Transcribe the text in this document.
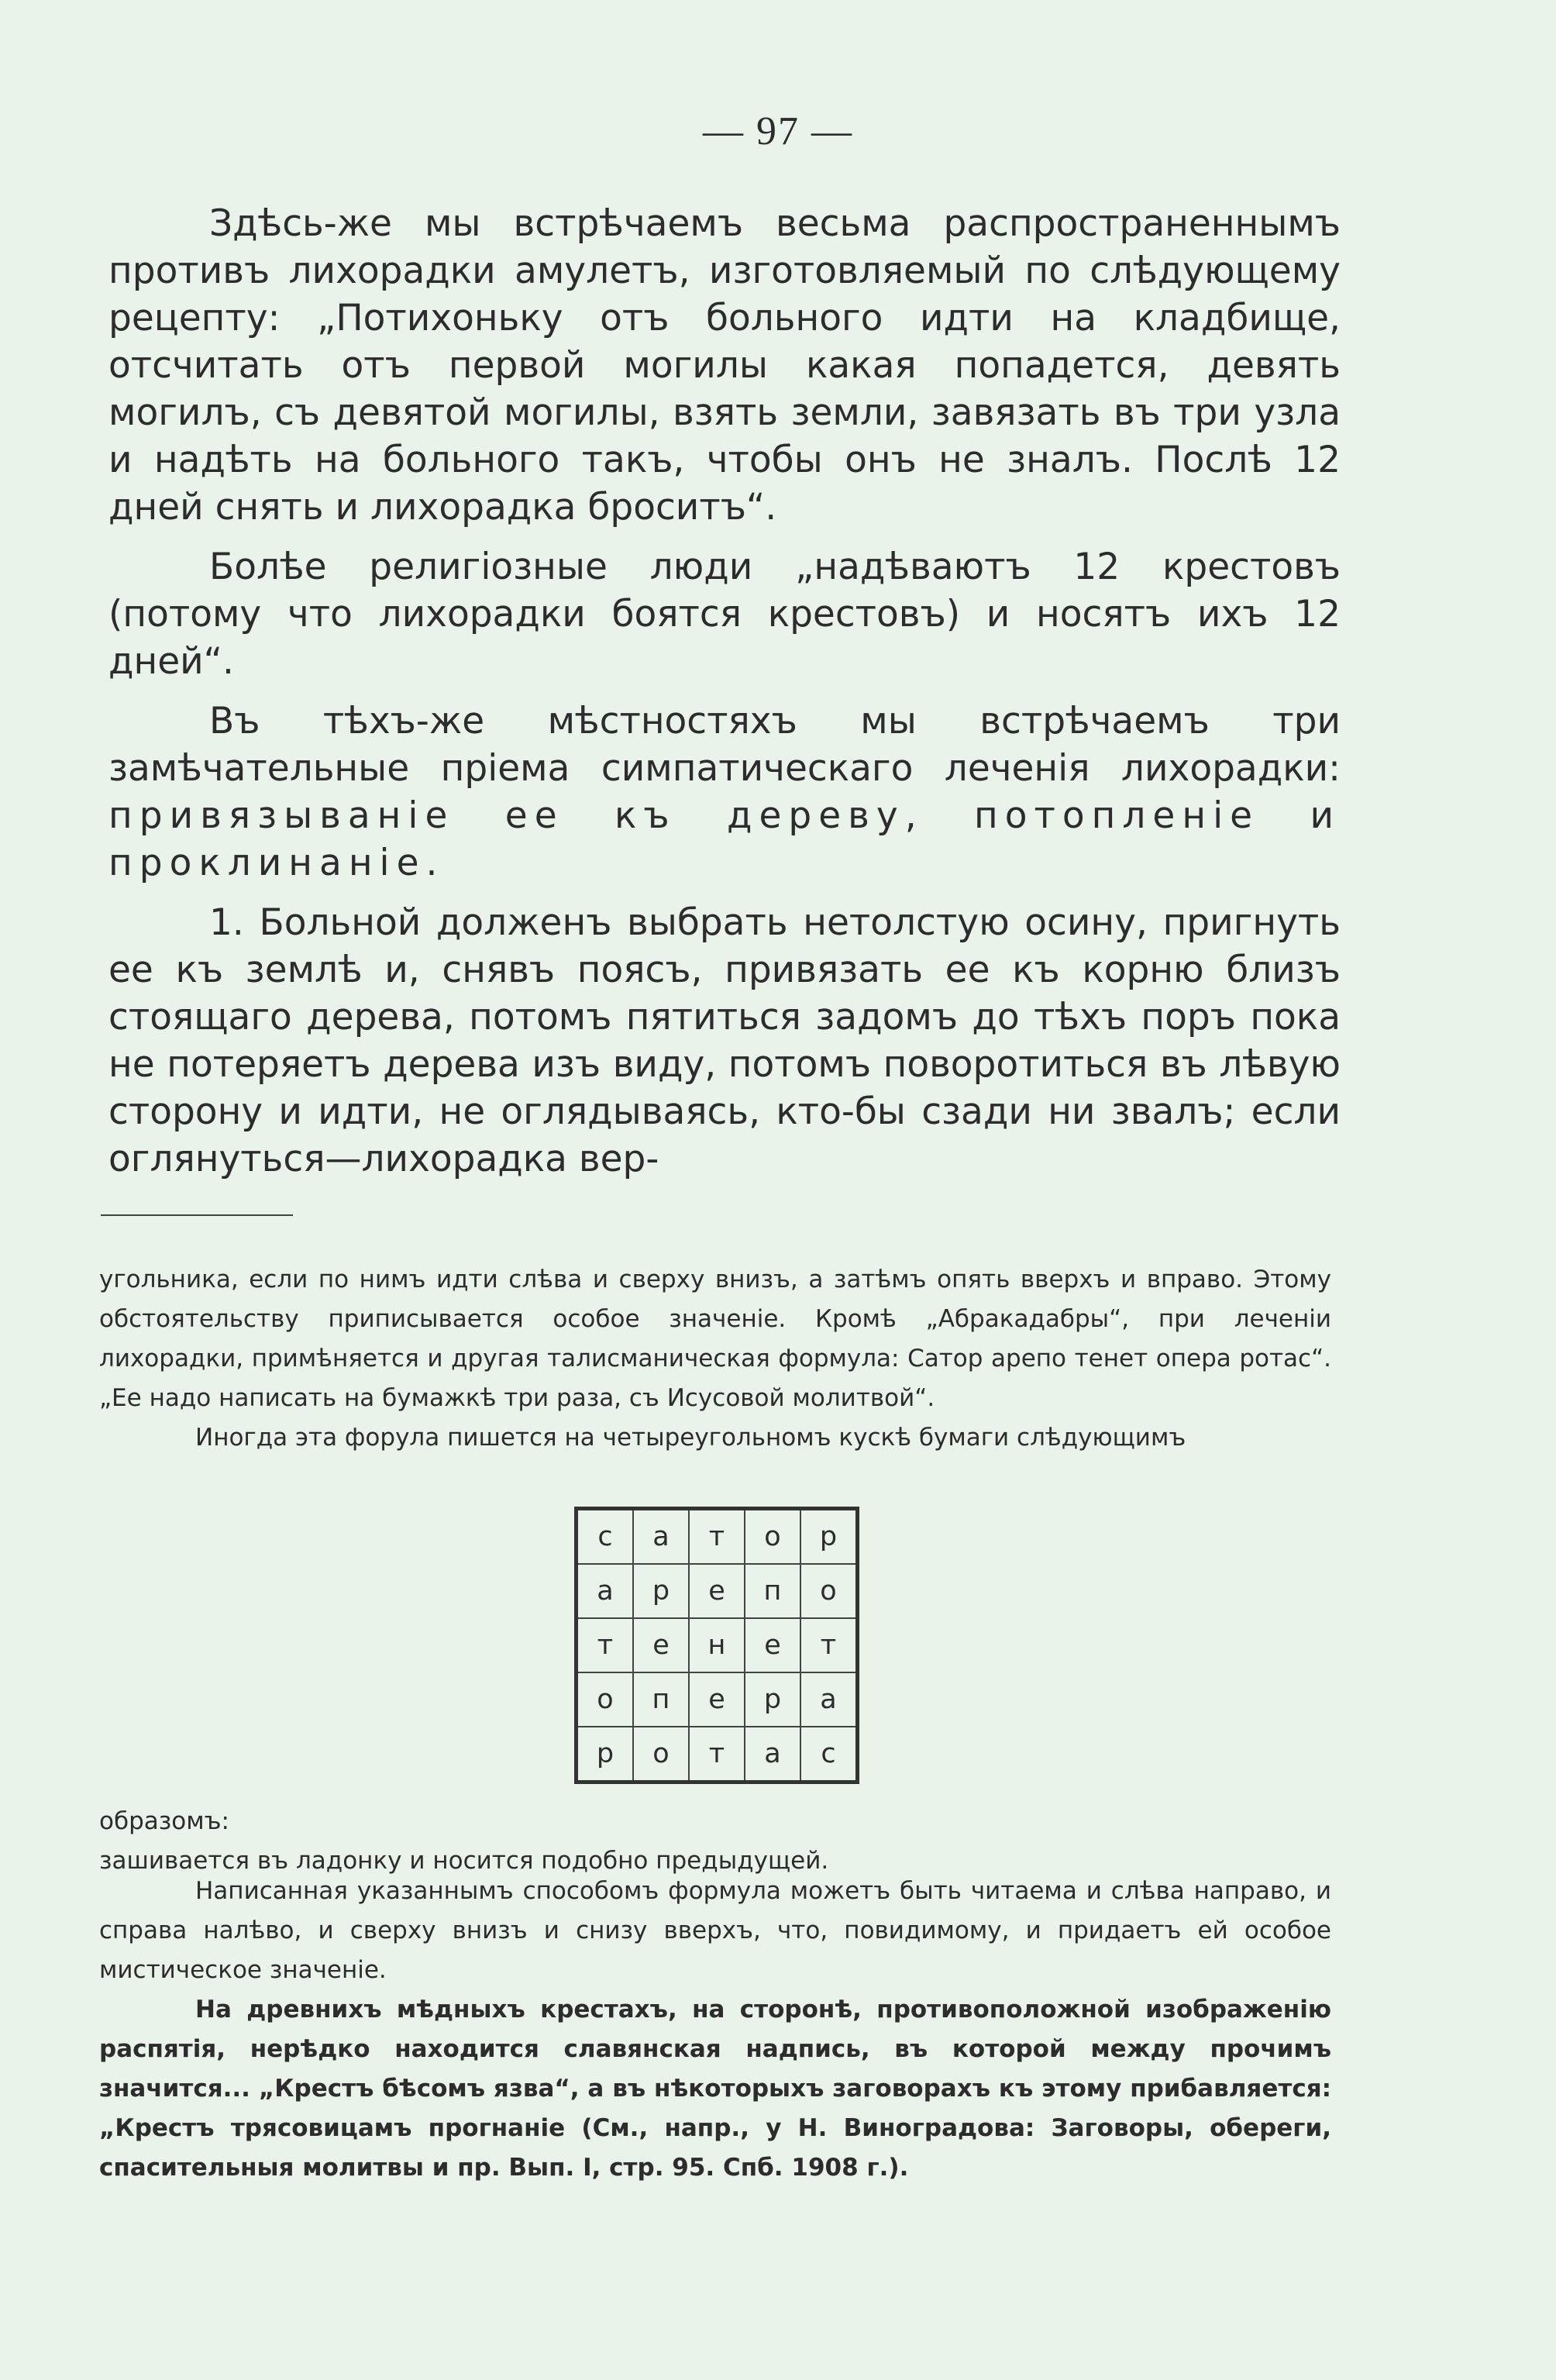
— 97 —

Здѣсь-же мы встрѣчаемъ весьма распространеннымъ противъ лихорадки амулетъ, изготовляемый по слѣдующему рецепту: „Потихоньку отъ больного идти на кладбище, отсчитать отъ первой могилы какая попадется, девять могилъ, съ девятой могилы, взять земли, завязать въ три узла и надѣть на больного такъ, чтобы онъ не зналъ. Послѣ 12 дней снять и лихорадка броситъ“.

Болѣе религiозные люди „надѣваютъ 12 крестовъ (потому что лихорадки боятся крестовъ) и носятъ ихъ 12 дней“.

Въ тѣхъ-же мѣстностяхъ мы встрѣчаемъ три замѣчательные прiема симпатическаго леченiя лихорадки: привязыванiе ее къ дереву, потопленiе и проклинанiе.

1. Больной долженъ выбрать нетолстую осину, пригнуть ее къ землѣ и, снявъ поясъ, привязать ее къ корню близъ стоящаго дерева, потомъ пятиться задомъ до тѣхъ поръ пока не потеряетъ дерева изъ виду, потомъ поворотиться въ лѣвую сторону и идти, не оглядываясь, кто-бы сзади ни звалъ; если оглянуться—лихорадка вер-

угольника, если по нимъ идти слѣва и сверху внизъ, а затѣмъ опять вверхъ и вправо. Этому обстоятельству приписывается особое значенiе. Кромѣ „Абракадабры“, при леченiи лихорадки, примѣняется и другая талисманическая формула: Сатор арепо тенет опера ротас“. „Ее надо написать на бумажкѣ три раза, съ Исусовой молитвой“.

Иногда эта форула пишется на четыреугольномъ кускѣ бумаги слѣдующимъ

с	а	т	о	р
а	р	е	п	о
т	е	н	е	т
о	п	е	р	а
р	о	т	а	с

образомъ:

зашивается въ ладонку и носится подобно предыдущей.

Написанная указаннымъ способомъ формула можетъ быть читаема и слѣва направо, и справа налѣво, и сверху внизъ и снизу вверхъ, что, повидимому, и придаетъ ей особое мистическое значенiе.

На древнихъ мѣдныхъ крестахъ, на сторонѣ, противоположной изображенiю распятiя, нерѣдко находится славянская надпись, въ которой между прочимъ значится... „Крестъ бѣсомъ язва“, а въ нѣкоторыхъ заговорахъ къ этому прибавляется: „Крестъ трясовицамъ прогнанiе (См., напр., у Н. Виноградова: Заговоры, обереги, спасительныя молитвы и пр. Вып. I, стр. 95. Спб. 1908 г.).
